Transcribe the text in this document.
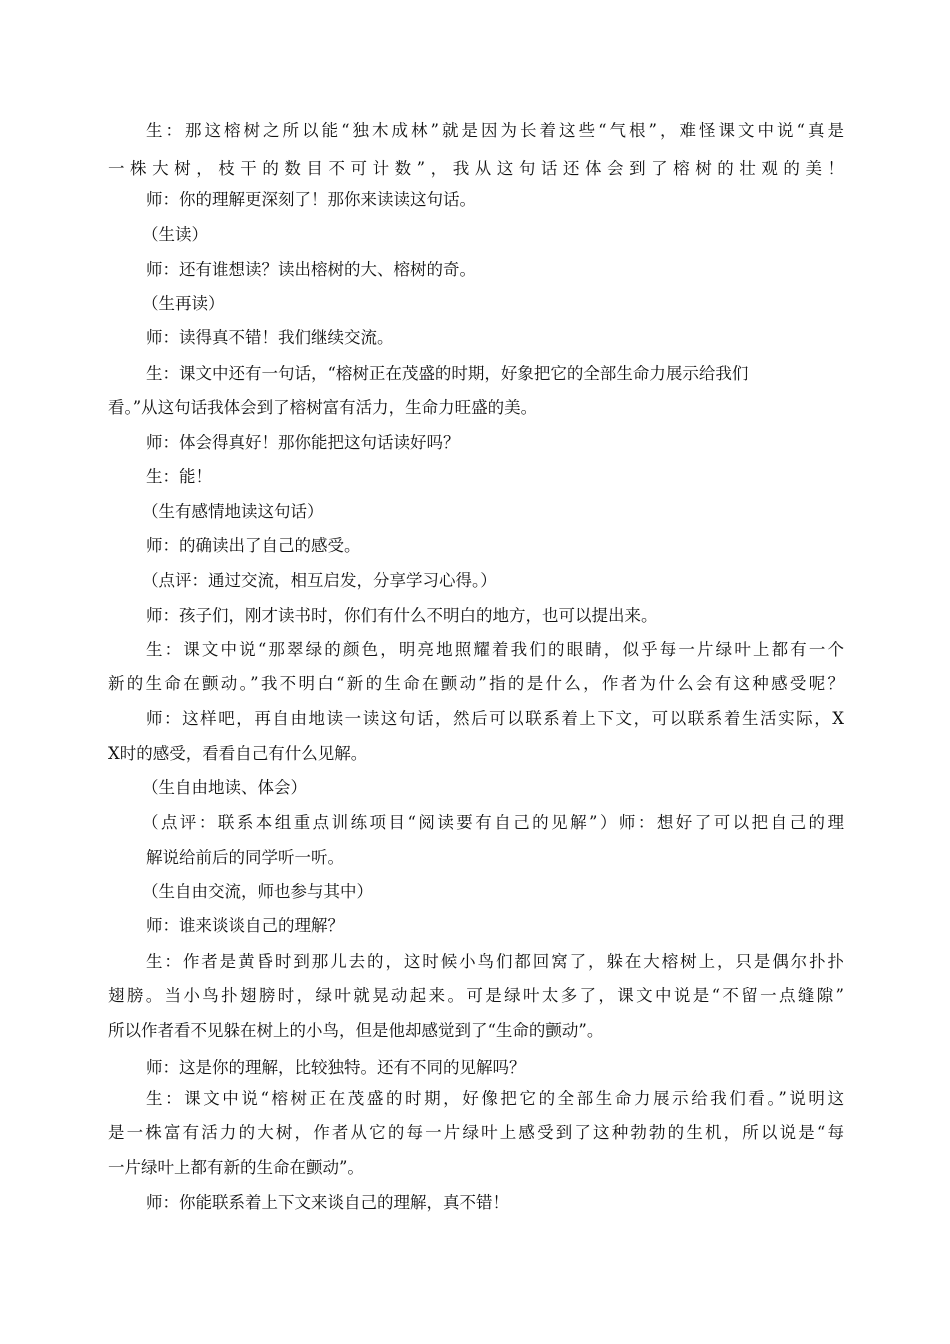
生：那这榕树之所以能“独木成林”就是因为长着这些“气根”，难怪课文中说“真是
一株大树，枝干的数目不可计数”，我从这句话还体会到了榕树的壮观的美！
师：你的理解更深刻了！那你来读读这句话。
（生读）
师：还有谁想读？读出榕树的大、榕树的奇。
（生再读）
师：读得真不错！我们继续交流。
生：课文中还有一句话，“榕树正在茂盛的时期，好象把它的全部生命力展示给我们
看。”从这句话我体会到了榕树富有活力，生命力旺盛的美。
师：体会得真好！那你能把这句话读好吗？
生：能！
（生有感情地读这句话）
师：的确读出了自己的感受。
（点评：通过交流，相互启发，分享学习心得。）
师：孩子们，刚才读书时，你们有什么不明白的地方，也可以提出来。
生：课文中说“那翠绿的颜色，明亮地照耀着我们的眼睛，似乎每一片绿叶上都有一个
新的生命在颤动。”我不明白“新的生命在颤动”指的是什么，作者为什么会有这种感受呢？
师：这样吧，再自由地读一读这句话，然后可以联系着上下文，可以联系着生活实际，X
X时的感受，看看自己有什么见解。
（生自由地读、体会）
（点评：联系本组重点训练项目“阅读要有自己的见解”）师：想好了可以把自己的理
解说给前后的同学听一听。
（生自由交流，师也参与其中）
师：谁来谈谈自己的理解？
生：作者是黄昏时到那儿去的，这时候小鸟们都回窝了，躲在大榕树上，只是偶尔扑扑
翅膀。当小鸟扑翅膀时，绿叶就晃动起来。可是绿叶太多了，课文中说是“不留一点缝隙”
所以作者看不见躲在树上的小鸟，但是他却感觉到了“生命的颤动”。
师：这是你的理解，比较独特。还有不同的见解吗？
生：课文中说“榕树正在茂盛的时期，好像把它的全部生命力展示给我们看。”说明这
是一株富有活力的大树，作者从它的每一片绿叶上感受到了这种勃勃的生机，所以说是“每
一片绿叶上都有新的生命在颤动”。
师：你能联系着上下文来谈自己的理解，真不错！
